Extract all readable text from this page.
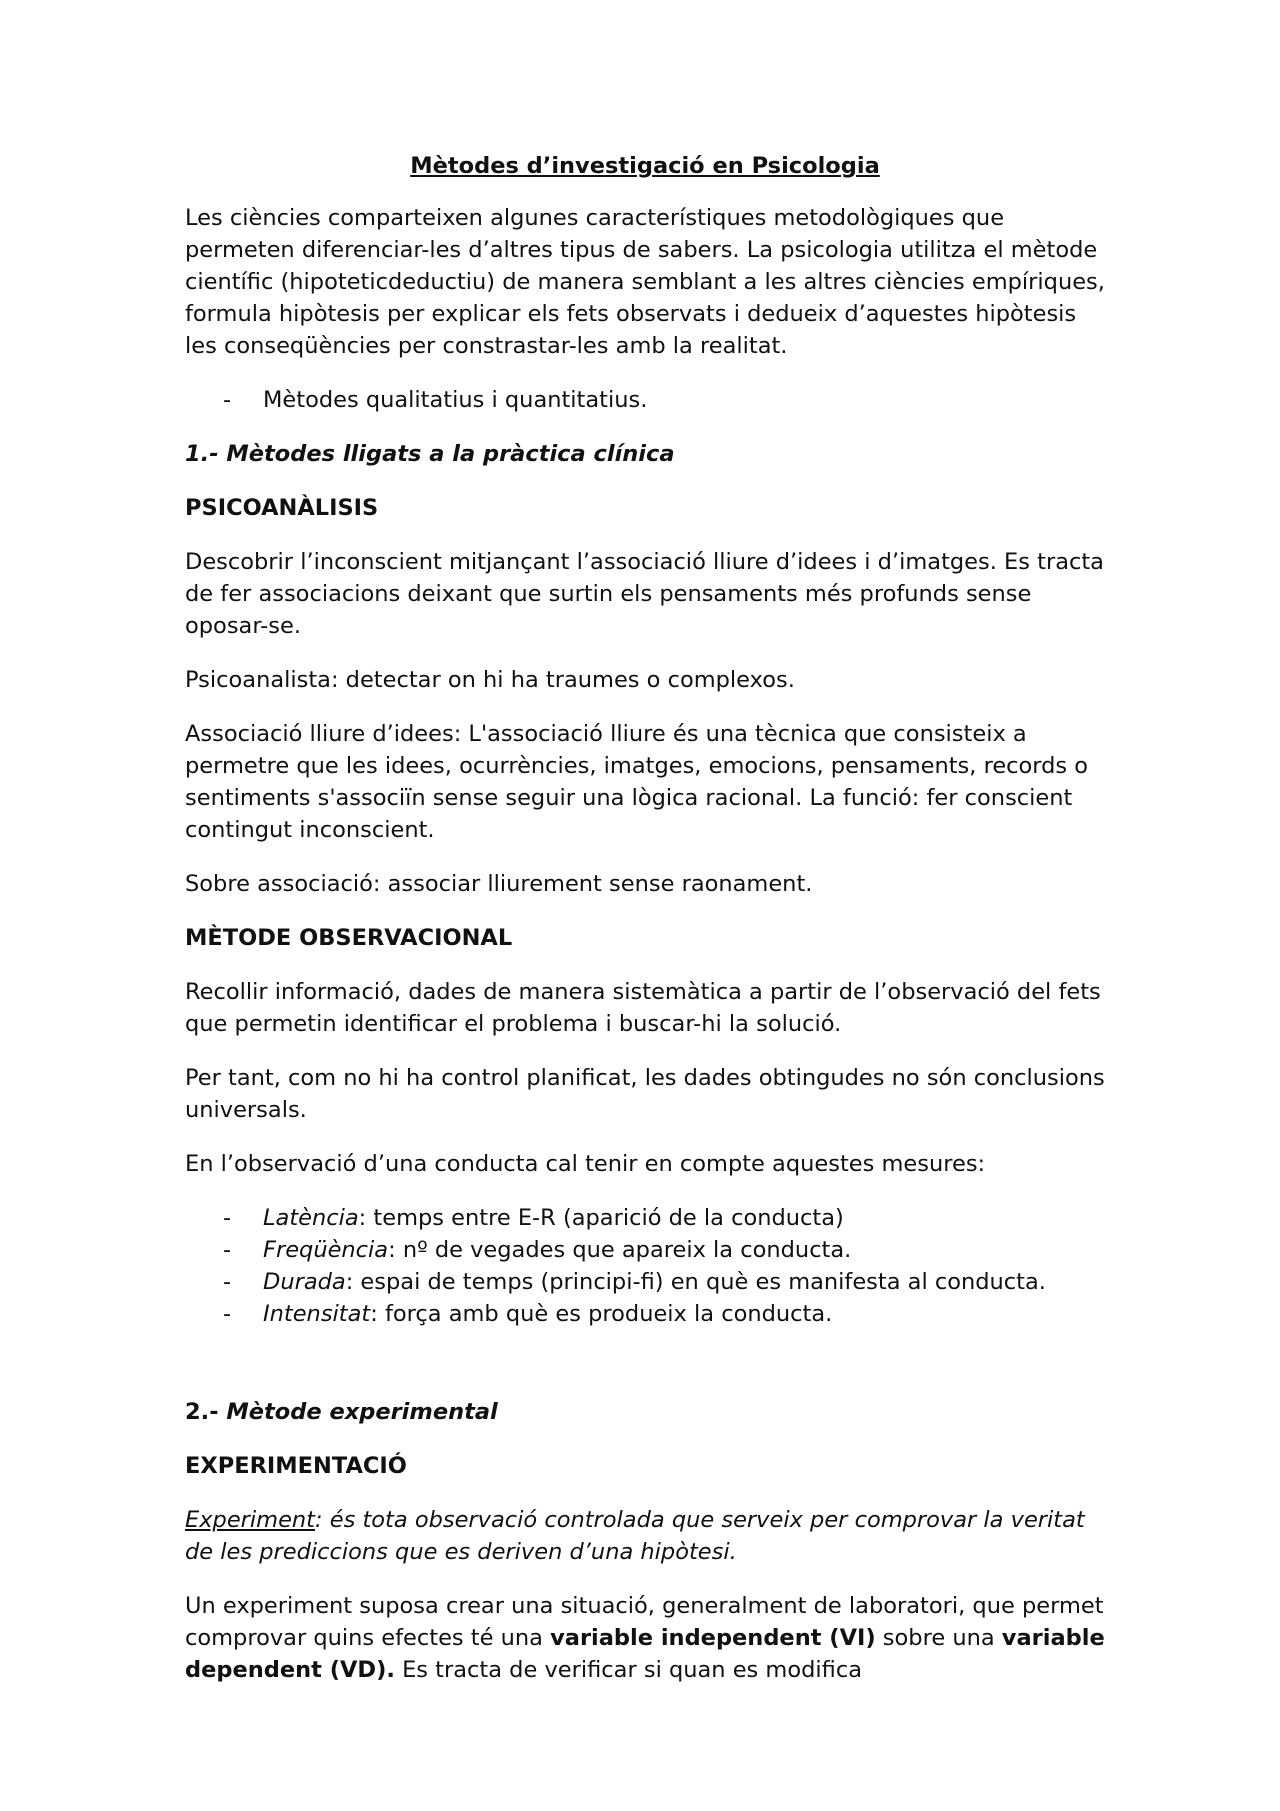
Mètodes d’investigació en Psicologia

Les ciències comparteixen algunes característiques metodològiques que permeten diferenciar-les d’altres tipus de sabers. La psicologia utilitza el mètode científic (hipoteticdeductiu) de manera semblant a les altres ciències empíriques, formula hipòtesis per explicar els fets observats i dedueix d’aquestes hipòtesis les conseqüències per constrastar-les amb la realitat.

- Mètodes qualitatius i quantitatius.
1.- Mètodes lligats a la pràctica clínica
PSICOANÀLISIS

Descobrir l’inconscient mitjançant l’associació lliure d’idees i d’imatges. Es tracta de fer associacions deixant que surtin els pensaments més profunds sense oposar-se.

Psicoanalista: detectar on hi ha traumes o complexos.

Associació lliure d’idees: L'associació lliure és una tècnica que consisteix a permetre que les idees, ocurrències, imatges, emocions, pensaments, records o sentiments s'associïn sense seguir una lògica racional. La funció: fer conscient contingut inconscient.

Sobre associació: associar lliurement sense raonament.

MÈTODE OBSERVACIONAL

Recollir informació, dades de manera sistemàtica a partir de l’observació del fets que permetin identificar el problema i buscar-hi la solució.

Per tant, com no hi ha control planificat, les dades obtingudes no són conclusions universals.

En l’observació d’una conducta cal tenir en compte aquestes mesures:

- Latència: temps entre E-R (aparició de la conducta)
- Freqüència: nº de vegades que apareix la conducta.
- Durada: espai de temps (principi-fi) en què es manifesta al conducta.
- Intensitat: força amb què es produeix la conducta.
2.- Mètode experimental
EXPERIMENTACIÓ

Experiment: és tota observació controlada que serveix per comprovar la veritat de les prediccions que es deriven d’una hipòtesi.

Un experiment suposa crear una situació, generalment de laboratori, que permet comprovar quins efectes té una variable independent (VI) sobre una variable dependent (VD). Es tracta de verificar si quan es modifica
